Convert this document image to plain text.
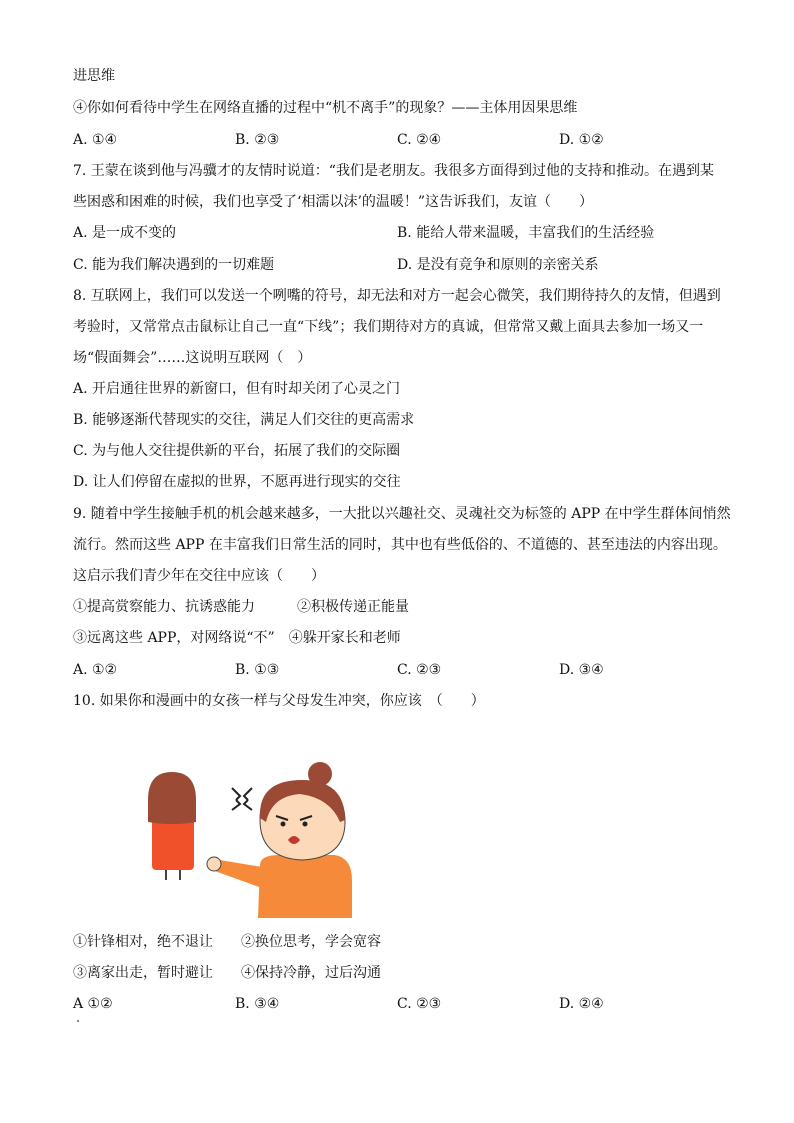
进思维
④你如何看待中学生在网络直播的过程中“机不离手”的现象？——主体用因果思维
A. ①④	B. ②③	C. ②④	D. ①②
7. 王蒙在谈到他与冯骥才的友情时说道：“我们是老朋友。我很多方面得到过他的支持和推动。在遇到某
些困惑和困难的时候，我们也享受了‘相濡以沫’的温暖！”这告诉我们，友谊（　　）
A. 是一成不变的	B. 能给人带来温暖，丰富我们的生活经验
C. 能为我们解决遇到的一切难题	D. 是没有竞争和原则的亲密关系
8. 互联网上，我们可以发送一个咧嘴的符号，却无法和对方一起会心微笑，我们期待持久的友情，但遇到
考验时，又常常点击鼠标让自己一直“下线”；我们期待对方的真诚，但常常又戴上面具去参加一场又一
场“假面舞会”……这说明互联网（　）
A. 开启通往世界的新窗口，但有时却关闭了心灵之门
B. 能够逐渐代替现实的交往，满足人们交往的更高需求
C. 为与他人交往提供新的平台，拓展了我们的交际圈
D. 让人们停留在虚拟的世界，不愿再进行现实的交往
9. 随着中学生接触手机的机会越来越多，一大批以兴趣社交、灵魂社交为标签的 APP 在中学生群体间悄然
流行。然而这些 APP 在丰富我们日常生活的同时，其中也有些低俗的、不道德的、甚至违法的内容出现。
这启示我们青少年在交往中应该（　　）
①提高赏察能力、抗诱惑能力　　　②积极传递正能量
③远离这些 APP，对网络说“不”　④躲开家长和老师
A. ①②	B. ①③	C. ②③	D. ③④
10. 如果你和漫画中的女孩一样与父母发生冲突，你应该　（　　）
①针锋相对，绝不退让　　②换位思考，学会宽容
③离家出走，暂时避让　　④保持冷静，过后沟通
A ①②	B. ③④	C. ②③	D. ②④
